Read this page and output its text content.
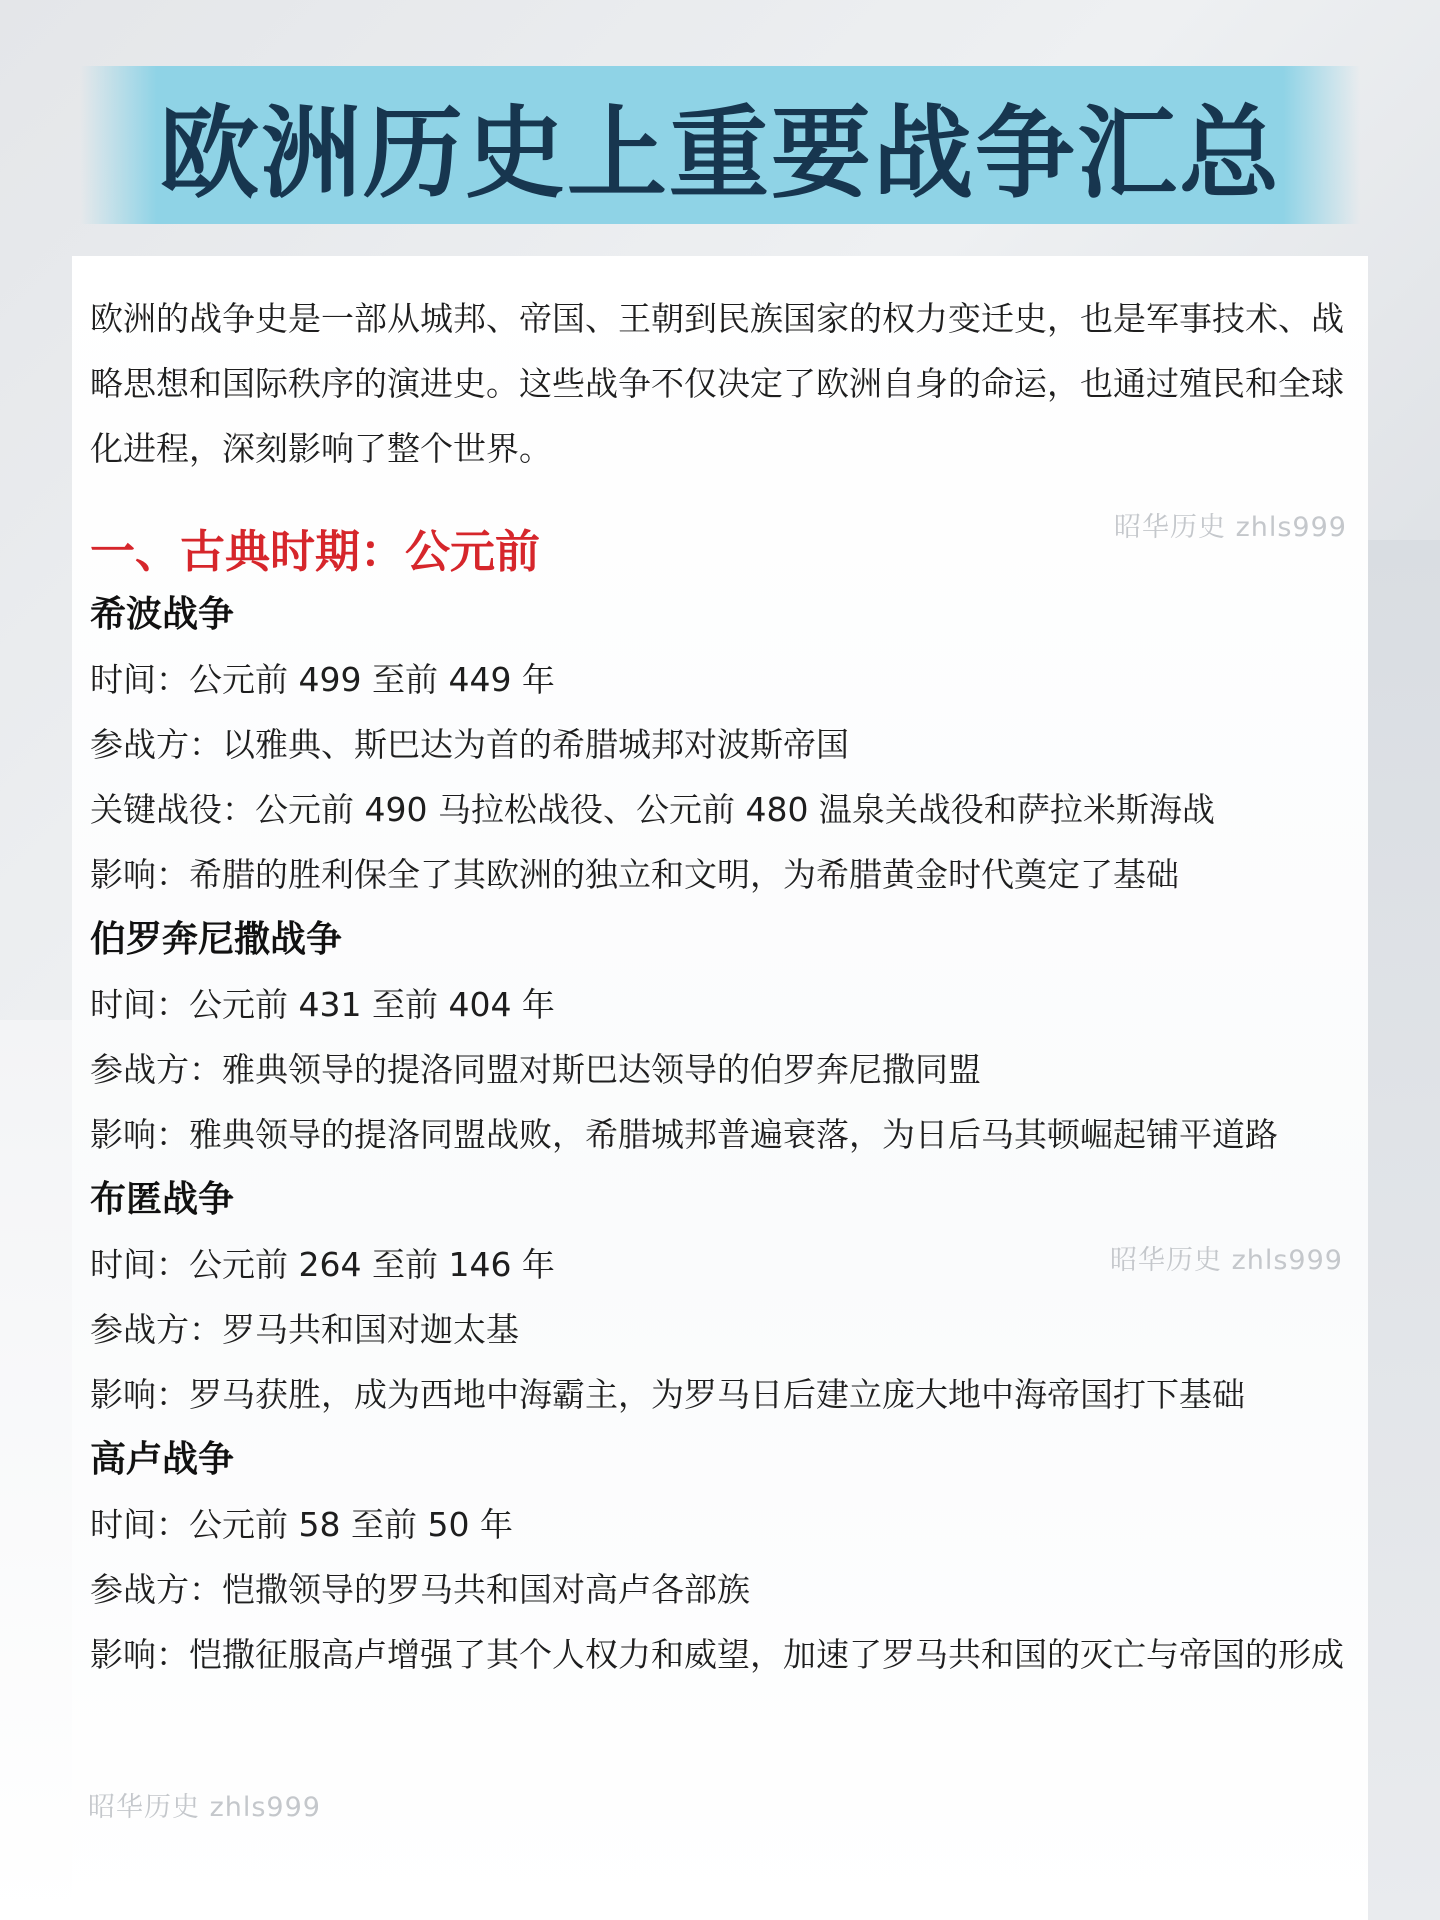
欧洲历史上重要战争汇总
欧洲的战争史是一部从城邦、帝国、王朝到民族国家的权力变迁史，也是军事技术、战略思想和国际秩序的演进史。这些战争不仅决定了欧洲自身的命运，也通过殖民和全球化进程，深刻影响了整个世界。
一、古典时期：公元前	昭华历史 zhls999
昭华历史 zhls999
昭华历史 zhls999
希波战争
时间：公元前 499 至前 449 年
参战方：以雅典、斯巴达为首的希腊城邦对波斯帝国
关键战役：公元前 490 马拉松战役、公元前 480 温泉关战役和萨拉米斯海战
影响：希腊的胜利保全了其欧洲的独立和文明，为希腊黄金时代奠定了基础
伯罗奔尼撒战争
时间：公元前 431 至前 404 年
参战方：雅典领导的提洛同盟对斯巴达领导的伯罗奔尼撒同盟
影响：雅典领导的提洛同盟战败，希腊城邦普遍衰落，为日后马其顿崛起铺平道路
布匿战争
时间：公元前 264 至前 146 年
参战方：罗马共和国对迦太基
影响：罗马获胜，成为西地中海霸主，为罗马日后建立庞大地中海帝国打下基础
高卢战争
时间：公元前 58 至前 50 年
参战方：恺撒领导的罗马共和国对高卢各部族
影响：恺撒征服高卢增强了其个人权力和威望，加速了罗马共和国的灭亡与帝国的形成
